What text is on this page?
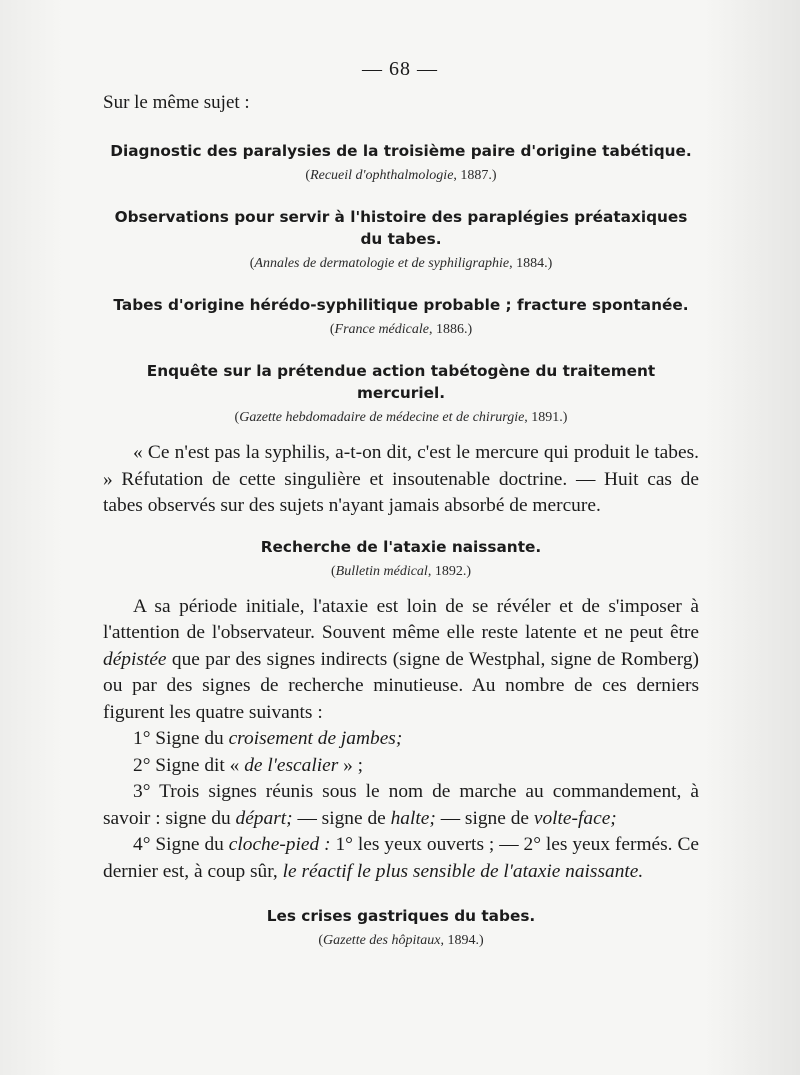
— 68 —

Sur le même sujet :

Diagnostic des paralysies de la troisième paire d'origine tabétique.

(Recueil d'ophthalmologie, 1887.)

Observations pour servir à l'histoire des paraplégies préataxiques du tabes.

(Annales de dermatologie et de syphiligraphie, 1884.)

Tabes d'origine hérédo-syphilitique probable ; fracture spontanée.

(France médicale, 1886.)

Enquête sur la prétendue action tabétogène du traitement mercuriel.

(Gazette hebdomadaire de médecine et de chirurgie, 1891.)

« Ce n'est pas la syphilis, a-t-on dit, c'est le mercure qui produit le tabes. » Réfutation de cette singulière et insoutenable doctrine. — Huit cas de tabes observés sur des sujets n'ayant jamais absorbé de mercure.

Recherche de l'ataxie naissante.

(Bulletin médical, 1892.)

A sa période initiale, l'ataxie est loin de se révéler et de s'imposer à l'attention de l'observateur. Souvent même elle reste latente et ne peut être dépistée que par des signes indirects (signe de Westphal, signe de Romberg) ou par des signes de recherche minutieuse. Au nombre de ces derniers figurent les quatre suivants :

1° Signe du croisement de jambes;

2° Signe dit « de l'escalier » ;

3° Trois signes réunis sous le nom de marche au commandement, à savoir : signe du départ; — signe de halte; — signe de volte-face;

4° Signe du cloche-pied : 1° les yeux ouverts ; — 2° les yeux fermés. Ce dernier est, à coup sûr, le réactif le plus sensible de l'ataxie naissante.

Les crises gastriques du tabes.

(Gazette des hôpitaux, 1894.)
